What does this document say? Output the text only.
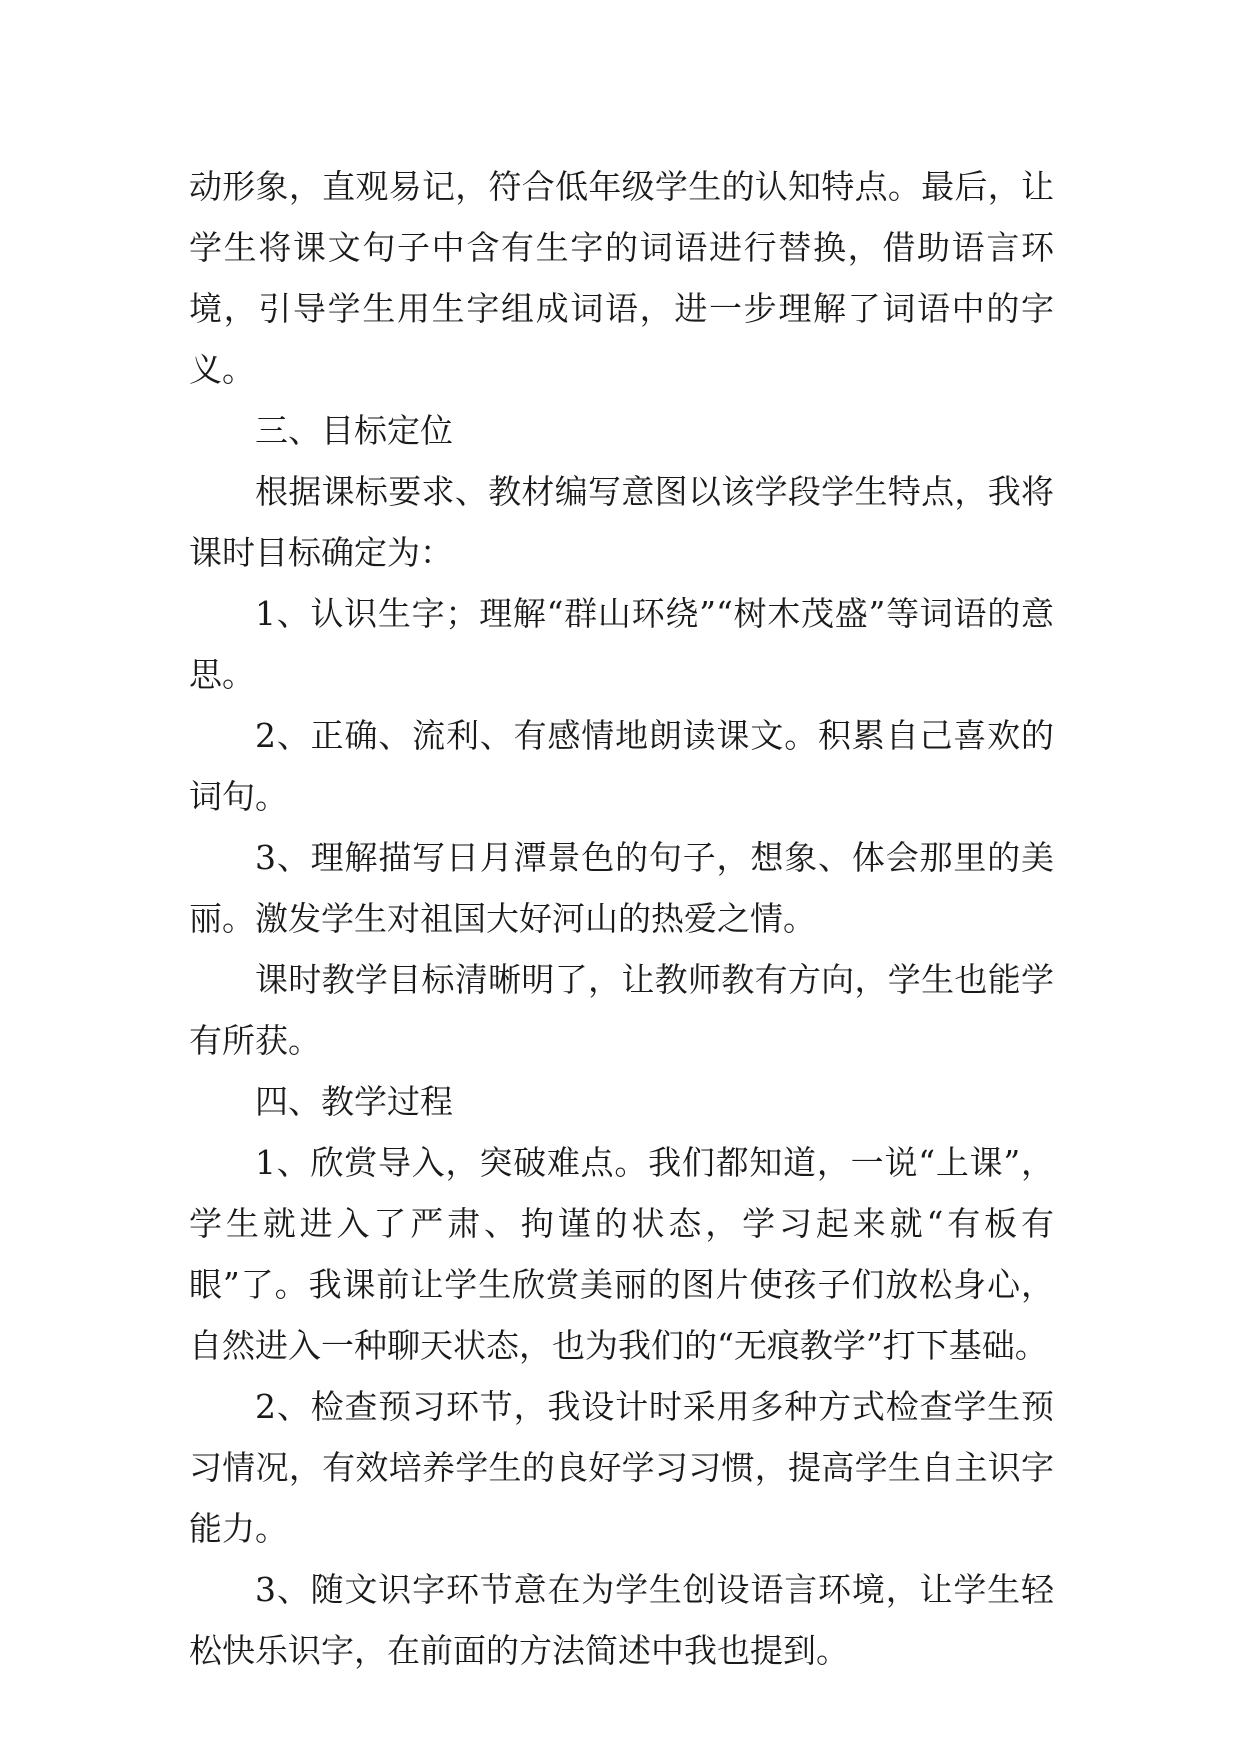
动形象，直观易记，符合低年级学生的认知特点。最后，让学生将课文句子中含有生字的词语进行替换，借助语言环境，引导学生用生字组成词语，进一步理解了词语中的字义。

三、目标定位

根据课标要求、教材编写意图以该学段学生特点，我将课时目标确定为：

1、认识生字；理解“群山环绕”“树木茂盛”等词语的意思。

2、正确、流利、有感情地朗读课文。积累自己喜欢的词句。

3、理解描写日月潭景色的句子，想象、体会那里的美丽。激发学生对祖国大好河山的热爱之情。

课时教学目标清晰明了，让教师教有方向，学生也能学有所获。

四、教学过程

1、欣赏导入，突破难点。我们都知道，一说“上课”，学生就进入了严肃、拘谨的状态，学习起来就“有板有眼”了。我课前让学生欣赏美丽的图片使孩子们放松身心，自然进入一种聊天状态，也为我们的“无痕教学”打下基础。

2、检查预习环节，我设计时采用多种方式检查学生预习情况，有效培养学生的良好学习习惯，提高学生自主识字能力。

3、随文识字环节意在为学生创设语言环境，让学生轻松快乐识字，在前面的方法简述中我也提到。
